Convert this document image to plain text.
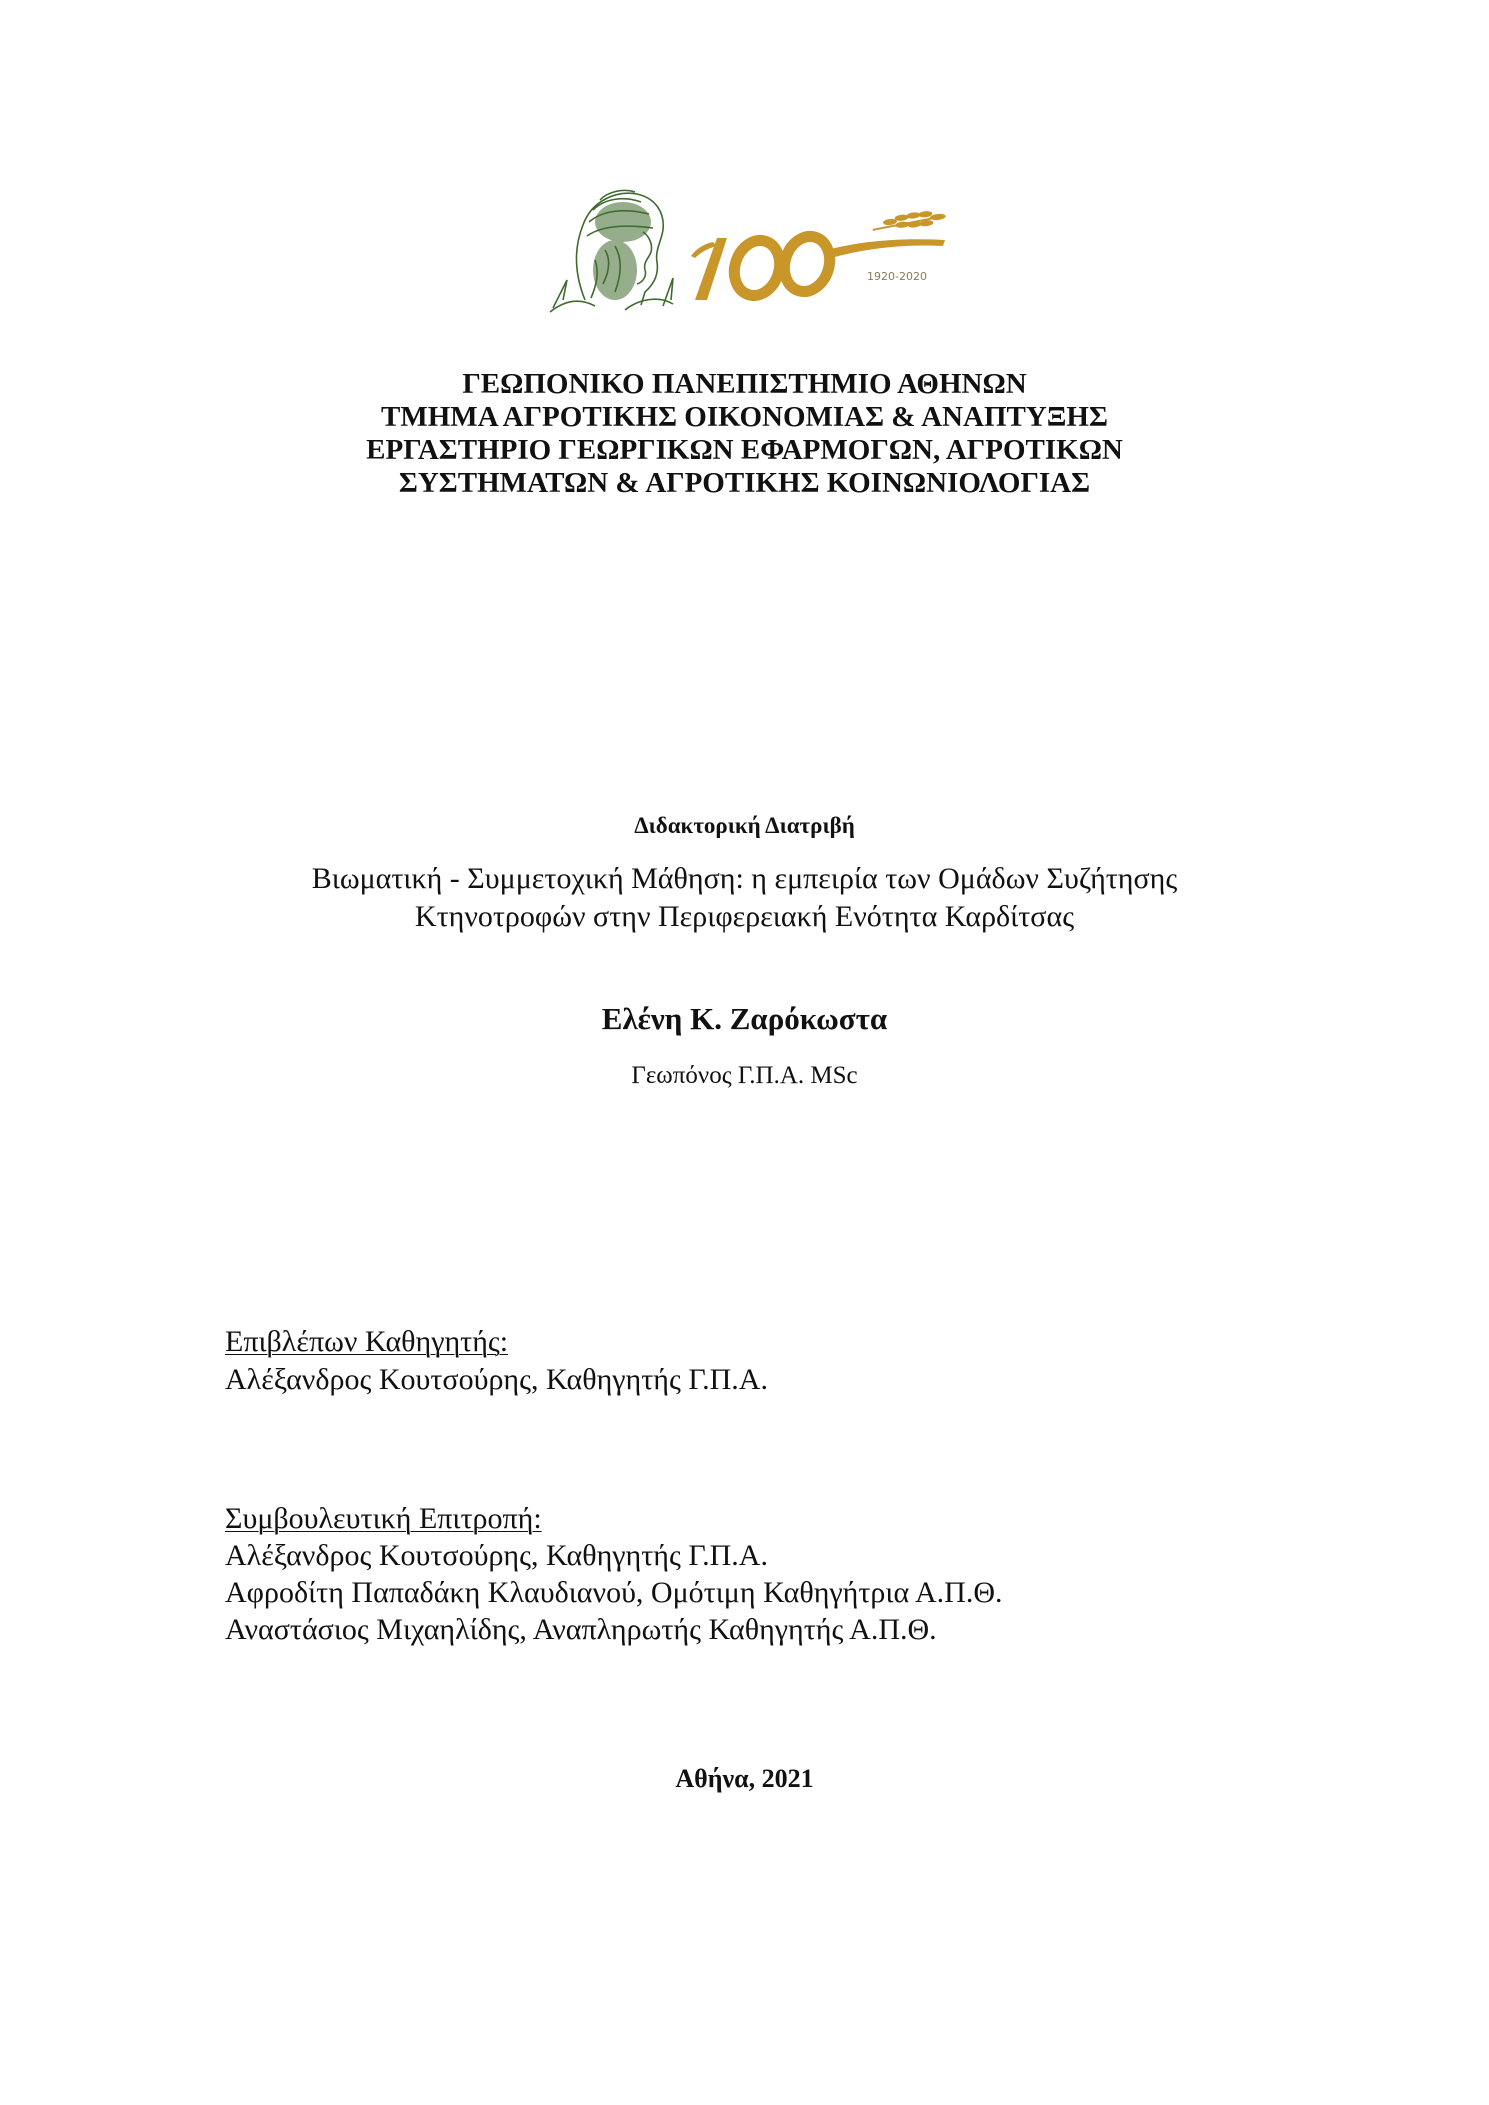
1920-2020
ΓΕΩΠΟΝΙΚΟ ΠΑΝΕΠΙΣΤΗΜΙΟ ΑΘΗΝΩΝ
ΤΜΗΜΑ ΑΓΡΟΤΙΚΗΣ ΟΙΚΟΝΟΜΙΑΣ & ΑΝΑΠΤΥΞΗΣ
ΕΡΓΑΣΤΗΡΙΟ ΓΕΩΡΓΙΚΩΝ ΕΦΑΡΜΟΓΩΝ, ΑΓΡΟΤΙΚΩΝ
ΣΥΣΤΗΜΑΤΩΝ & ΑΓΡΟΤΙΚΗΣ ΚΟΙΝΩΝΙΟΛΟΓΙΑΣ
Διδακτορική Διατριβή
Βιωματική - Συμμετοχική Μάθηση: η εμπειρία των Ομάδων Συζήτησης
Κτηνοτροφών στην Περιφερειακή Ενότητα Καρδίτσας
Ελένη Κ. Ζαρόκωστα
Γεωπόνος Γ.Π.Α. MSc
Επιβλέπων Καθηγητής:
Αλέξανδρος Κουτσούρης, Καθηγητής Γ.Π.Α.
Συμβουλευτική Επιτροπή:
Αλέξανδρος Κουτσούρης, Καθηγητής Γ.Π.Α.
Αφροδίτη Παπαδάκη Κλαυδιανού, Ομότιμη Καθηγήτρια Α.Π.Θ.
Αναστάσιος Μιχαηλίδης, Αναπληρωτής Καθηγητής Α.Π.Θ.
Αθήνα, 2021
